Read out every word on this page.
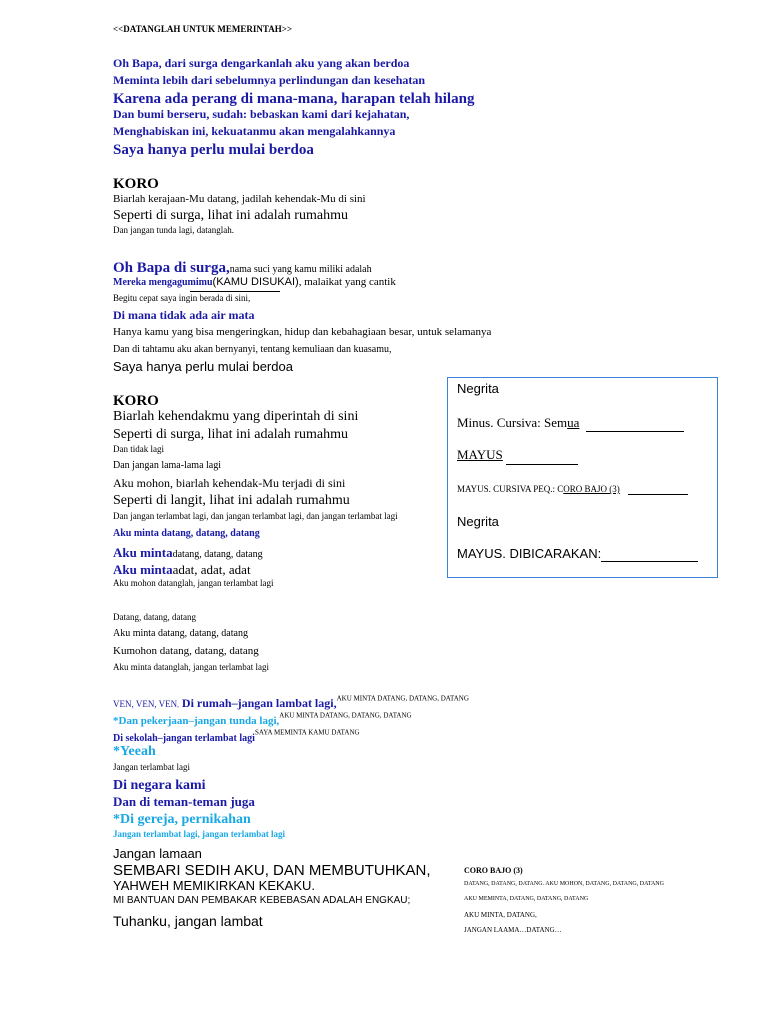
<<DATANGLAH UNTUK MEMERINTAH>>
Oh Bapa, dari surga dengarkanlah aku yang akan berdoa
Meminta lebih dari sebelumnya perlindungan dan kesehatan
Karena ada perang di mana-mana, harapan telah hilang
Dan bumi berseru, sudah: bebaskan kami dari kejahatan,
Menghabiskan ini, kekuatanmu akan mengalahkannya
Saya hanya perlu mulai berdoa
KORO
Biarlah kerajaan-Mu datang, jadilah kehendak-Mu di sini
Seperti di surga, lihat ini adalah rumahmu
Dan jangan tunda lagi, datanglah.
Oh Bapa di surga,nama suci yang kamu miliki adalah
Mereka mengagumimu(KAMU DISUKAI), malaikat yang cantik
Begitu cepat saya ingin berada di sini,
Di mana tidak ada air mata
Hanya kamu yang bisa mengeringkan, hidup dan kebahagiaan besar, untuk selamanya
Dan di tahtamu aku akan bernyanyi, tentang kemuliaan dan kuasamu,
Saya hanya perlu mulai berdoa
KORO
Biarlah kehendakmu yang diperintah di sini
Seperti di surga, lihat ini adalah rumahmu
Dan tidak lagi
Dan jangan lama-lama lagi
Aku mohon, biarlah kehendak-Mu terjadi di sini
Seperti di langit, lihat ini adalah rumahmu
Dan jangan terlambat lagi, dan jangan terlambat lagi, dan jangan terlambat lagi
Aku minta datang, datang, datang
Aku mintadatang, datang, datang
Aku mintaadat, adat, adat
Aku mohon datanglah, jangan terlambat lagi
Datang, datang, datang
Aku minta datang, datang, datang
Kumohon datang, datang, datang
Aku minta datanglah, jangan terlambat lagi
VEN, VEN, VEN, Di rumah–jangan lambat lagi,$^{AKU MINTA DATANG, DATANG, DATANG}$
*Dan pekerjaan–jangan tunda lagi,$^{AKU MINTA DATANG, DATANG, DATANG}$
Di sekolah–jangan terlambat lagi$^{SAYA MEMINTA KAMU DATANG}$
*Yeeah
Jangan terlambat lagi
Di negara kami
Dan di teman-teman juga
*Di gereja, pernikahan
Jangan terlambat lagi, jangan terlambat lagi
Jangan lamaan
SEMBARI SEDIH AKU, DAN MEMBUTUHKAN,
YAHWEH MEMIKIRKAN KEKAKU.
MI BANTUAN DAN PEMBAKAR KEBEBASAN ADALAH ENGKAU;
Tuhanku, jangan lambat
Negrita
Minus. Cursiva: Semua
MAYUS
MAYUS. CURSIVA PEQ.: CORO BAJO (3)
Negrita
MAYUS. DIBICARAKAN:
CORO BAJO (3)
DATANG, DATANG, DATANG. AKU MOHON, DATANG, DATANG, DATANG
AKU MEMINTA, DATANG, DATANG, DATANG
AKU MINTA, DATANG,
JANGAN LAAMA…DATANG…
